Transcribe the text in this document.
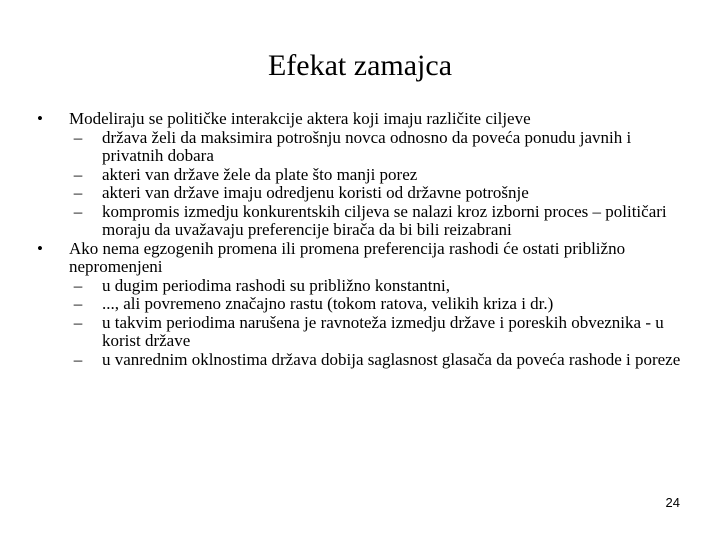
Efekat zamajca
•	Modeliraju se političke interakcije aktera koji imaju različite ciljeve
–	država želi da maksimira potrošnju novca odnosno da poveća ponudu javnih i privatnih dobara
–	akteri van države žele da plate što manji porez
–	akteri van države imaju odredjenu koristi od državne potrošnje
–	kompromis izmedju konkurentskih ciljeva se nalazi kroz izborni proces – političari moraju da uvažavaju preferencije birača da bi bili reizabrani
•	Ako nema egzogenih promena ili promena preferencija rashodi će ostati približno nepromenjeni
–	u dugim periodima rashodi su približno konstantni,
–	..., ali povremeno značajno rastu (tokom ratova, velikih kriza i dr.)
–	u takvim periodima narušena je ravnoteža izmedju države i poreskih obveznika - u korist države
–	u vanrednim oklnostima država dobija saglasnost glasača da poveća rashode i poreze
24
